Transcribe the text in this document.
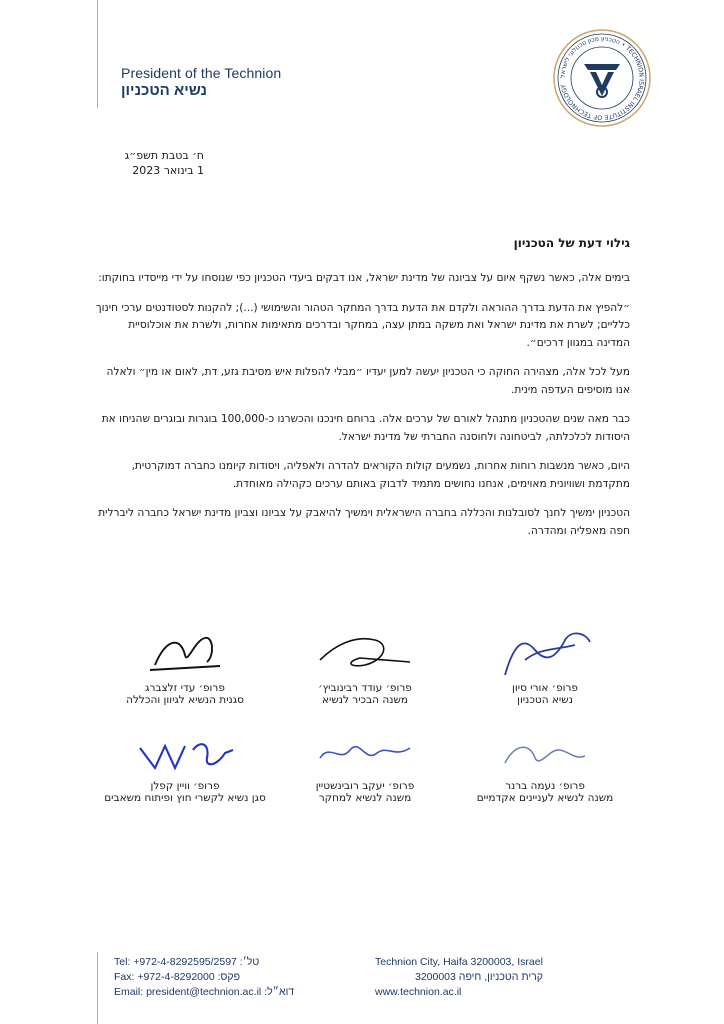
President of the Technion
נשיא הטכניון
הטכניון מכון טכנולוגי לישראל • TECHNION ISRAEL INSTITUTE OF TECHNOLOGY
ח׳ בטבת תשפ״ג
1 בינואר 2023
גילוי דעת של הטכניון

בימים אלה, כאשר נשקף איום על צביונה של מדינת ישראל, אנו דבקים ביעדי הטכניון כפי שנוסחו על ידי מייסדיו בחוקתו:

״להפיץ את הדעת בדרך ההוראה ולקדם את הדעת בדרך המחקר הטהור והשימושי (...); להקנות לסטודנטים ערכי חינוך כלליים; לשרת את מדינת ישראל ואת משקה במתן עצה, במחקר ובדרכים מתאימות אחרות, ולשרת את אוכלוסיית המדינה במגוון דרכים״.

מעל לכל אלה, מצהירה החוקה כי הטכניון יעשה למען יעדיו ״מבלי להפלות איש מסיבת גזע, דת, לאום או מין״ ולאלה אנו מוסיפים העדפה מינית.

כבר מאה שנים שהטכניון מתנהל לאורם של ערכים אלה. ברוחם חינכנו והכשרנו כ-100,000 בוגרות ובוגרים שהניחו את היסודות לכלכלתה, לביטחונה ולחוסנה החברתי של מדינת ישראל.

היום, כאשר מנשבות רוחות אחרות, נשמעים קולות הקוראים להדרה ולאפליה, ויסודות קיומנו כחברה דמוקרטית, מתקדמת ושוויונית מאוימים, אנחנו נחושים מתמיד לדבוק באותם ערכים כקהילה מאוחדת.

הטכניון ימשיך לחנך לסובלנות והכללה בחברה הישראלית וימשיך להיאבק על צביונו וצביון מדינת ישראל כחברה ליברלית חפה מאפליה ומהדרה.

פרופ׳ אורי סיון
נשיא הטכניון
פרופ׳ עודד רבינוביץ׳
משנה הבכיר לנשיא
פרופ׳ עדי זלצברג
סגנית הנשיא לגיוון והכללה
פרופ׳ נעמה ברנר
משנה לנשיא לעניינים אקדמיים
פרופ׳ יעקב רובינשטיין
משנה לנשיא למחקר
פרופ׳ וויין קפלן
סגן נשיא לקשרי חוץ ופיתוח משאבים
Tel: +972-4-8292595/2597 :טל׳
Fax: +972-4-8292000 :פקס
Email: president@technion.ac.il :דוא״ל
Technion City, Haifa 3200003, Israel
קרית הטכניון, חיפה 3200003
www.technion.ac.il
